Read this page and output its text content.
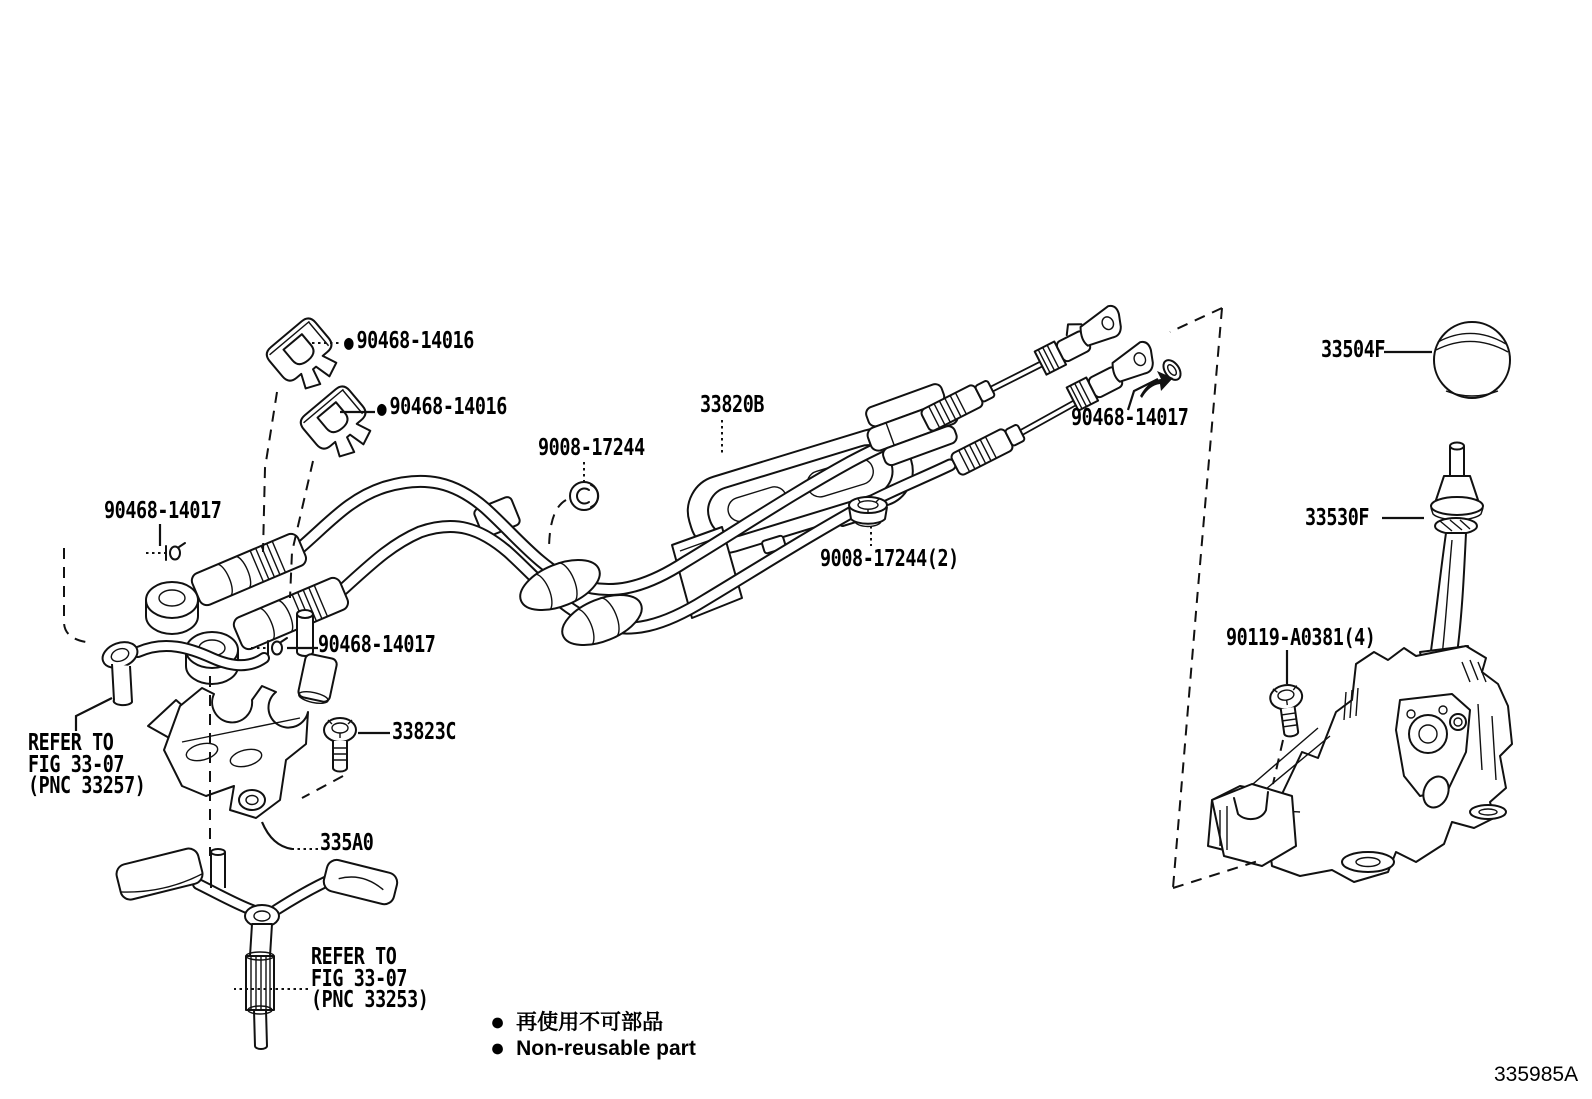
● 90468-14016
● 90468-14016
9008-17244
33820B	90468-14017
9008-17244(2)
90468-14017
90468-14017
33823C
335A0
33504F
33530F
90119-A0381(4)
REFER TO
FIG 33-07
(PNC 33257)
REFER TO
FIG 33-07
(PNC 33253)
● 再使用不可部品
● Non-reusable part
335985A
